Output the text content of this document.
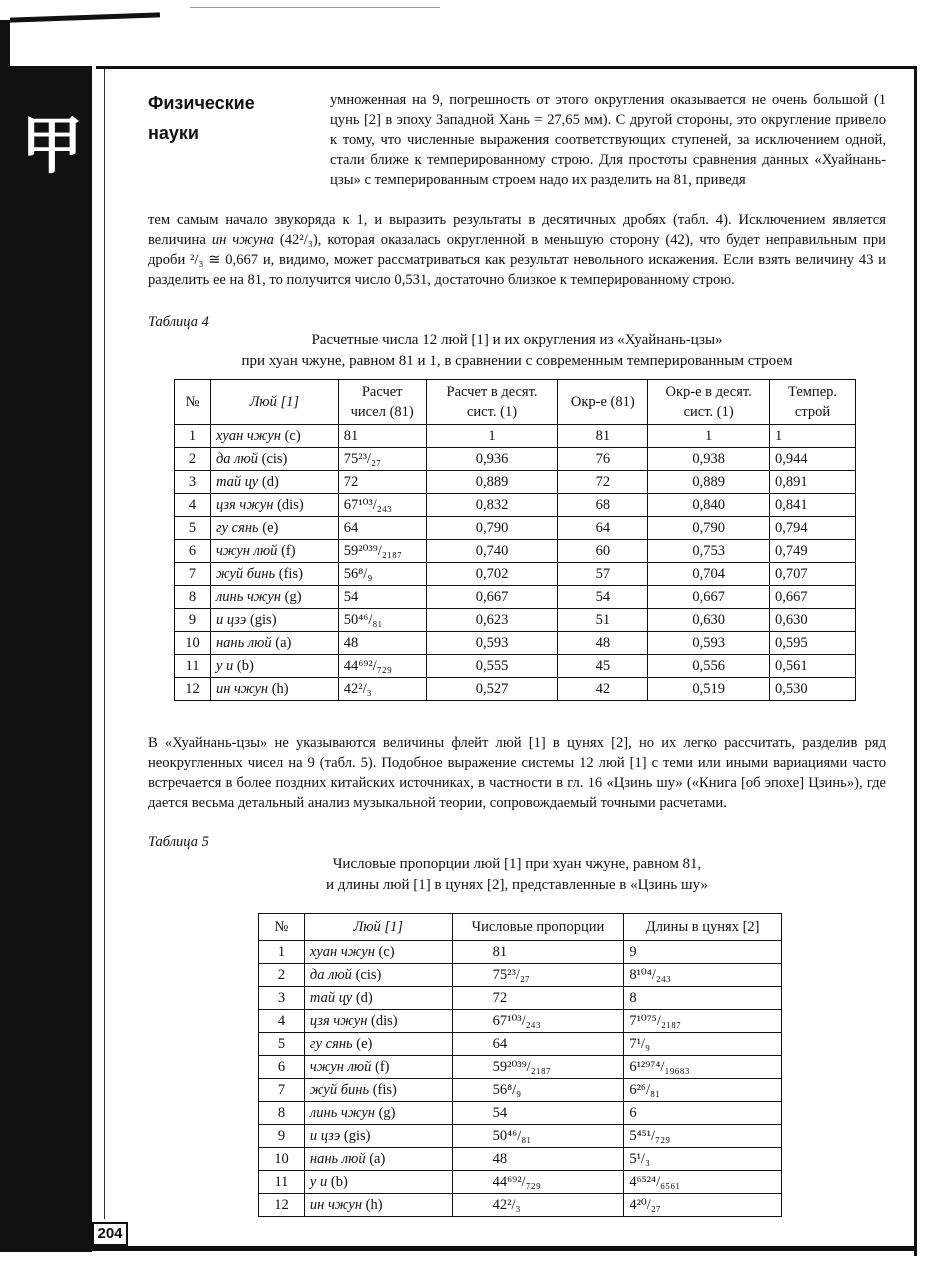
甲
204
Физические
науки

умноженная на 9, погрешность от этого округления оказывается не очень большой (1 цунь [2] в эпоху Западной Хань = 27,65 мм). С другой стороны, это округление привело к тому, что численные выражения соответствующих ступеней, за исключением одной, стали ближе к темперированному строю. Для простоты сравнения данных «Хуайнань-цзы» с темперированным строем надо их разделить на 81, приведя

тем самым начало звукоряда к 1, и выразить результаты в десятичных дробях (табл. 4). Исключением является величина ин чжуна (42²/₃), которая оказалась округленной в меньшую сторону (42), что будет неправильным при дроби ²/₃ ≅ 0,667 и, видимо, может рассматриваться как результат невольного искажения. Если взять величину 43 и разделить ее на 81, то получится число 0,531, достаточно близкое к темперированному строю.

Таблица 4
Расчетные числа 12 люй [1] и их округления из «Хуайнань-цзы»
при хуан чжуне, равном 81 и 1, в сравнении с современным темперированным строем
№	Люй [1]	Расчет чисел (81)	Расчет в десят. сист. (1)	Окр-е (81)	Окр-е в десят. сист. (1)	Темпер. строй
1	хуан чжун (c)	81	1	81	1	1
2	да люй (cis)	75²³/₂₇	0,936	76	0,938	0,944
3	тай цу (d)	72	0,889	72	0,889	0,891
4	цзя чжун (dis)	67¹⁰³/₂₄₃	0,832	68	0,840	0,841
5	гу сянь (e)	64	0,790	64	0,790	0,794
6	чжун люй (f)	59²⁰³⁹/₂₁₈₇	0,740	60	0,753	0,749
7	жуй бинь (fis)	56⁸/₉	0,702	57	0,704	0,707
8	линь чжун (g)	54	0,667	54	0,667	0,667
9	и цзэ (gis)	50⁴⁶/₈₁	0,623	51	0,630	0,630
10	нань люй (a)	48	0,593	48	0,593	0,595
11	у и (b)	44⁶⁹²/₇₂₉	0,555	45	0,556	0,561
12	ин чжун (h)	42²/₃	0,527	42	0,519	0,530

В «Хуайнань-цзы» не указываются величины флейт люй [1] в цунях [2], но их легко рассчитать, разделив ряд неокругленных чисел на 9 (табл. 5). Подобное выражение системы 12 люй [1] с теми или иными вариациями часто встречается в более поздних китайских источниках, в частности в гл. 16 «Цзинь шу» («Книга [об эпохе] Цзинь»), где дается весьма детальный анализ музыкальной теории, сопровождаемый точными расчетами.

Таблица 5
Числовые пропорции люй [1] при хуан чжуне, равном 81,
и длины люй [1] в цунях [2], представленные в «Цзинь шу»
№	Люй [1]	Числовые пропорции	Длины в цунях [2]
1	хуан чжун (c)	81	9
2	да люй (cis)	75²³/₂₇	8¹⁰⁴/₂₄₃
3	тай цу (d)	72	8
4	цзя чжун (dis)	67¹⁰³/₂₄₃	7¹⁰⁷⁵/₂₁₈₇
5	гу сянь (e)	64	7¹/₉
6	чжун люй (f)	59²⁰³⁹/₂₁₈₇	6¹²⁹⁷⁴/₁₉₆₈₃
7	жуй бинь (fis)	56⁸/₉	6²⁶/₈₁
8	линь чжун (g)	54	6
9	и цзэ (gis)	50⁴⁶/₈₁	5⁴⁵¹/₇₂₉
10	нань люй (a)	48	5¹/₃
11	у и (b)	44⁶⁹²/₇₂₉	4⁶⁵²⁴/₆₅₆₁
12	ин чжун (h)	42²/₃	4²⁰/₂₇
